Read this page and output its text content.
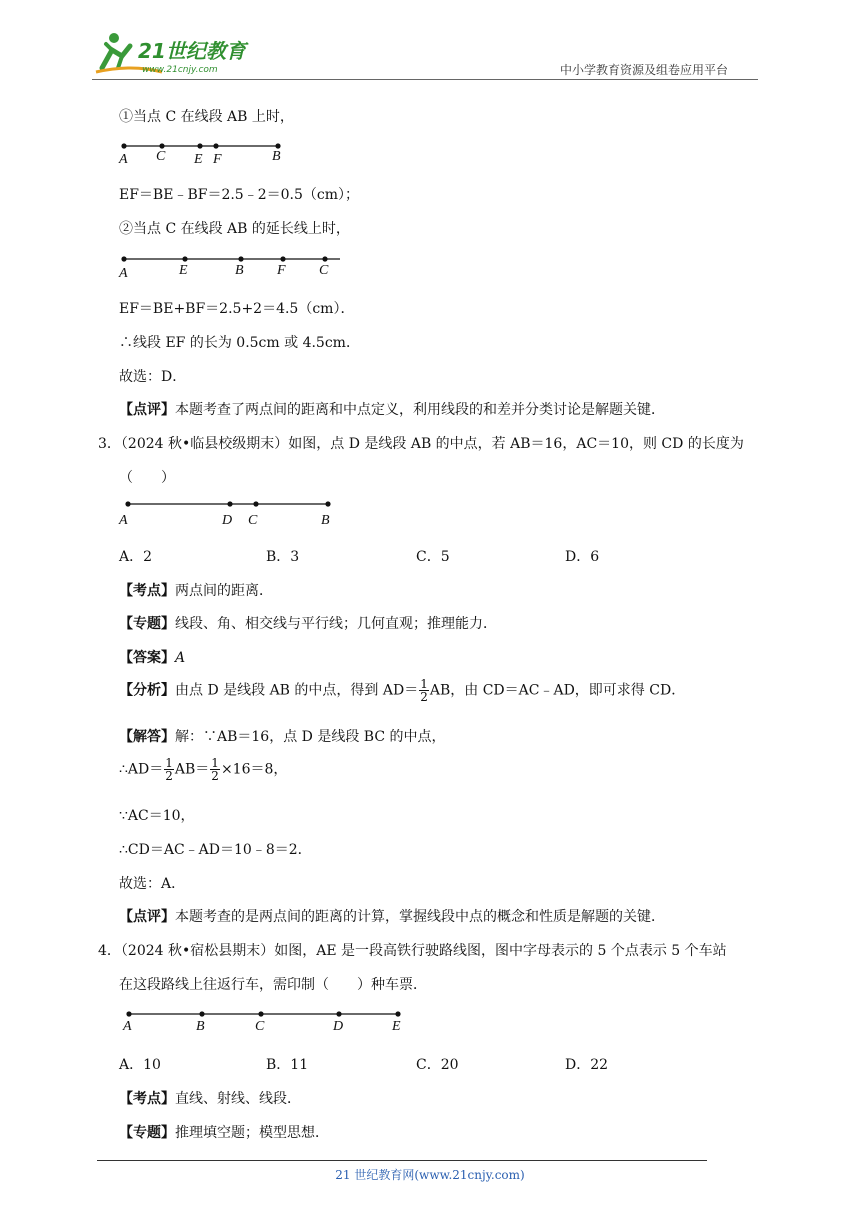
21世纪教育
www.21cnjy.com	中小学教育资源及组卷应用平台
①当点 C 在线段 AB 上时，
A C E F	B
EF＝BE﹣BF＝2.5﹣2＝0.5（cm）；
②当点 C 在线段 AB 的延长线上时，
A	E	B F C
EF＝BE+BF＝2.5+2＝4.5（cm）．
∴线段 EF 的长为 0.5cm 或 4.5cm．
故选：D．
【点评】本题考查了两点间的距离和中点定义，利用线段的和差并分类讨论是解题关键．
3．（2024 秋•临县校级期末）如图，点 D 是线段 AB 的中点，若 AB＝16，AC＝10，则 CD 的长度为
（　　）
A	D C	B
A．2	B．3	C．5	D．6
【考点】两点间的距离．
【专题】线段、角、相交线与平行线；几何直观；推理能力．
【答案】A
【分析】由点 D 是线段 AB 的中点，得到 $AD= \frac{1}{2}$ AB，由 CD＝AC﹣AD，即可求得 CD．
【解答】解：∵AB＝16，点 D 是线段 BC 的中点，
∴AD＝ $\frac{1}{2} AB= \frac{1}{2} \times 16=8$，
∵AC＝10，
∴CD＝AC﹣AD＝10﹣8＝2．
故选：A．
【点评】本题考查的是两点间的距离的计算，掌握线段中点的概念和性质是解题的关键．
4．（2024 秋•宿松县期末）如图，AE 是一段高铁行驶路线图，图中字母表示的 5 个点表示 5 个车站
在这段路线上往返行车，需印制（　　）种车票．
A	B	C	D	E
A．10	B．11	C．20	D．22
【考点】直线、射线、线段．
【专题】推理填空题；模型思想．
21 世纪教育网(www.21cnjy.com)
